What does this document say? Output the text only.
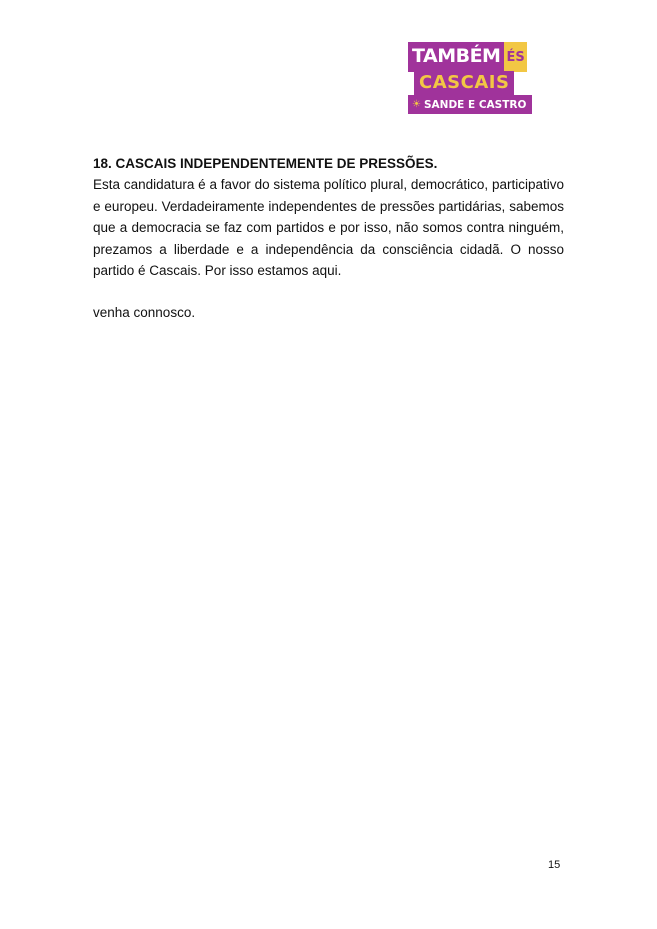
TAMBÉM ÉS
CASCAIS
☀ SANDE E CASTRO

18. CASCAIS INDEPENDENTEMENTE DE PRESSÕES.

Esta candidatura é a favor do sistema político plural, democrático, participativo e europeu. Verdadeiramente independentes de pressões partidárias, sabemos que a democracia se faz com partidos e por isso, não somos contra ninguém, prezamos a liberdade e a independência da consciência cidadã. O nosso partido é Cascais. Por isso estamos aqui.

venha connosco.

15
